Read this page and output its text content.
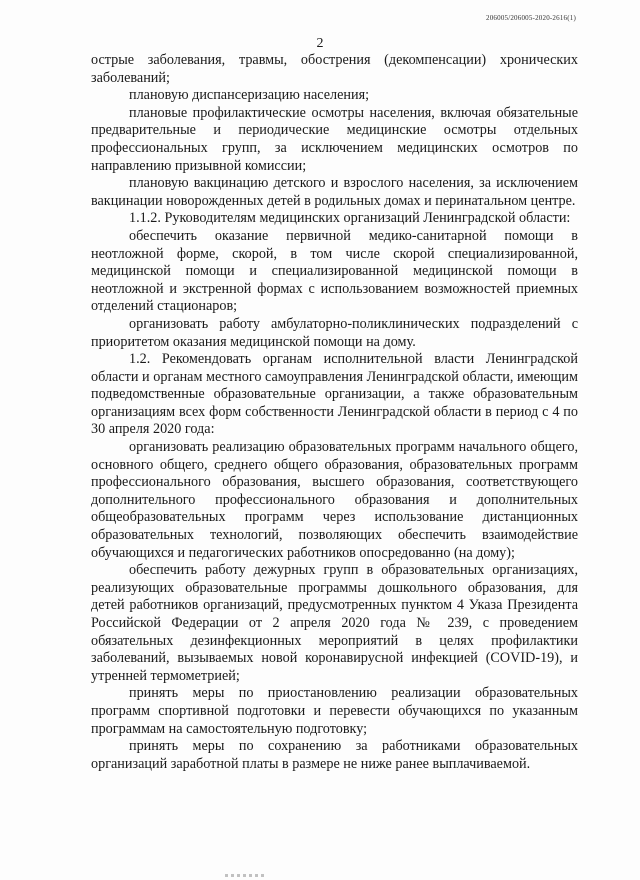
206005/206005-2020-2616(1)
2

острые заболевания, травмы, обострения (декомпенсации) хронических заболеваний;

плановую диспансеризацию населения;

плановые профилактические осмотры населения, включая обязательные предварительные и периодические медицинские осмотры отдельных профессиональных групп, за исключением медицинских осмотров по направлению призывной комиссии;

плановую вакцинацию детского и взрослого населения, за исключением вакцинации новорожденных детей в родильных домах и перинатальном центре.

1.1.2. Руководителям медицинских организаций Ленинградской области:

обеспечить оказание первичной медико-санитарной помощи в неотложной форме, скорой, в том числе скорой специализированной, медицинской помощи и специализированной медицинской помощи в неотложной и экстренной формах с использованием возможностей приемных отделений стационаров;

организовать работу амбулаторно-поликлинических подразделений с приоритетом оказания медицинской помощи на дому.

1.2. Рекомендовать органам исполнительной власти Ленинградской области и органам местного самоуправления Ленинградской области, имеющим подведомственные образовательные организации, а также образовательным организациям всех форм собственности Ленинградской области в период с 4 по 30 апреля 2020 года:

организовать реализацию образовательных программ начального общего, основного общего, среднего общего образования, образовательных программ профессионального образования, высшего образования, соответствующего дополнительного профессионального образования и дополнительных общеобразовательных программ через использование дистанционных образовательных технологий, позволяющих обеспечить взаимодействие обучающихся и педагогических работников опосредованно (на дому);

обеспечить работу дежурных групп в образовательных организациях, реализующих образовательные программы дошкольного образования, для детей работников организаций, предусмотренных пунктом 4 Указа Президента Российской Федерации от 2 апреля 2020 года № 239, с проведением обязательных дезинфекционных мероприятий в целях профилактики заболеваний, вызываемых новой коронавирусной инфекцией (COVID-19), и утренней термометрией;

принять меры по приостановлению реализации образовательных программ спортивной подготовки и перевести обучающихся по указанным программам на самостоятельную подготовку;

принять меры по сохранению за работниками образовательных организаций заработной платы в размере не ниже ранее выплачиваемой.
